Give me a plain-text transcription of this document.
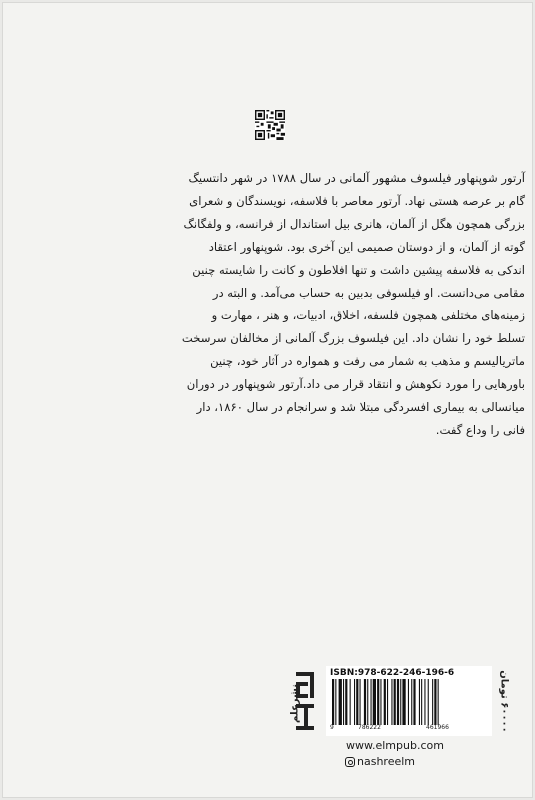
آرتور شوپنهاور فیلسوف مشهور آلمانی در سال ۱۷۸۸ در شهر دانتسیگ

گام بر عرصه هستی نهاد. آرتور معاصر با فلاسفه، نویسندگان و شعرای

بزرگی همچون هگل از آلمان، هانری بیل استاندال از فرانسه، و ولفگانگ

گوته از آلمان، و از دوستان صمیمی این آخری بود. شوپنهاور اعتقاد

اندکی به فلاسفه پیشین داشت و تنها افلاطون و کانت را شایسته چنین

مقامی می‌دانست. او فیلسوفی بدبین به حساب می‌آمد. و البته در

زمینه‌های مختلفی همچون فلسفه، اخلاق، ادبیات، و هنر ، مهارت و

تسلط خود را نشان داد. این فیلسوف بزرگ آلمانی از مخالفان سرسخت

ماتریالیسم و مذهب به شمار می رفت و همواره در آثار خود، چنین

باورهایی را مورد نکوهش و انتقاد قرار می داد.آرتور شوپنهاور در دوران

میانسالی به بیماری افسردگی مبتلا شد و سرانجام در سال ۱۸۶۰، دار

فانی را وداع گفت.

نشرعلم
ISBN:978-622-246-196-6
9	786222	461966
۶۰۰۰۰ تومان
www.elmpub.com
nashreelm
